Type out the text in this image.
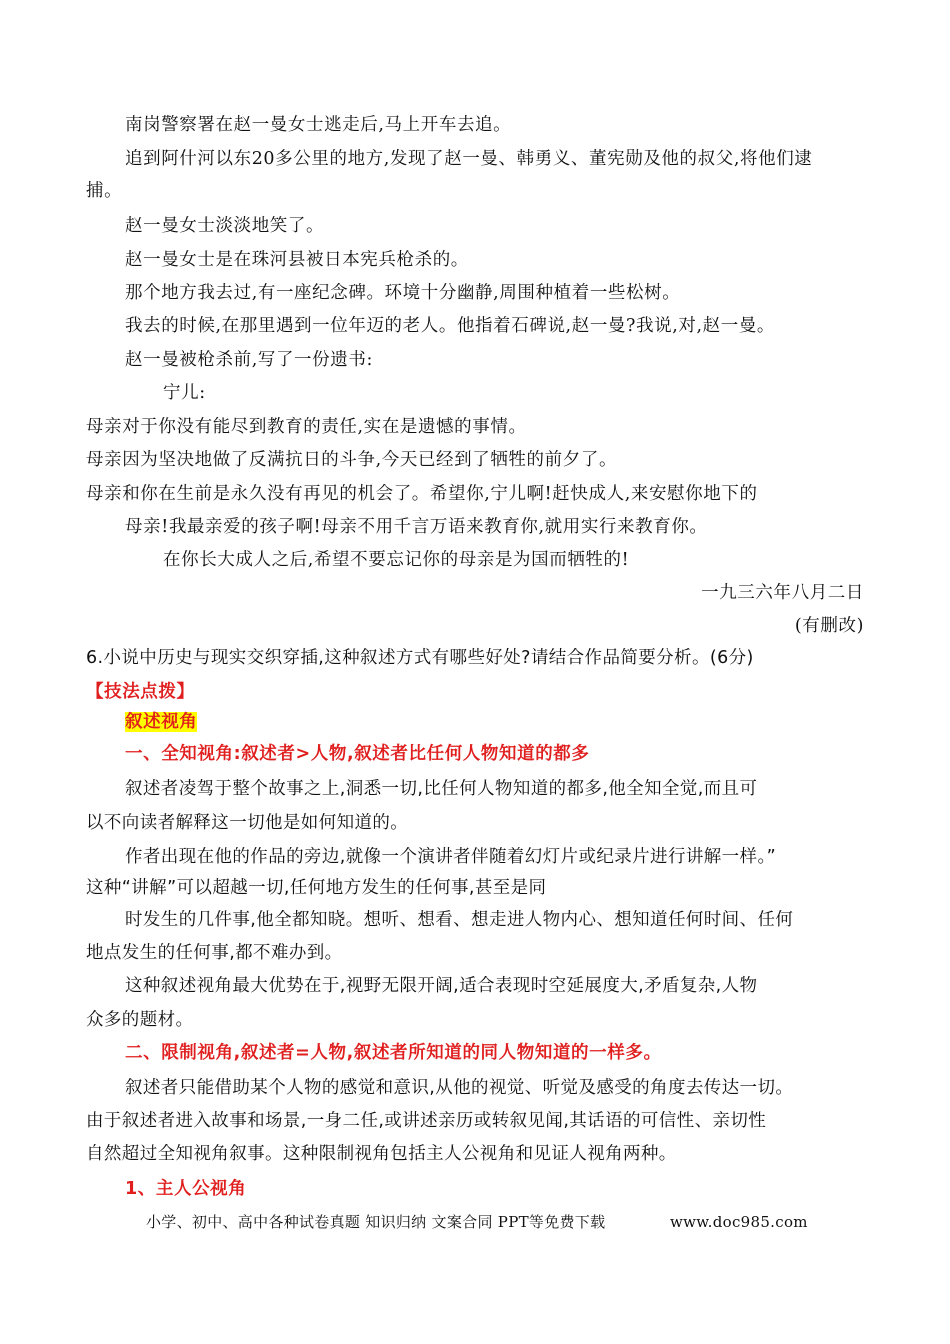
南岗警察署在赵一曼女士逃走后,马上开车去追。
追到阿什河以东20多公里的地方,发现了赵一曼、韩勇义、董宪勋及他的叔父,将他们逮
捕。
赵一曼女士淡淡地笑了。
赵一曼女士是在珠河县被日本宪兵枪杀的。
那个地方我去过,有一座纪念碑。环境十分幽静,周围种植着一些松树。
我去的时候,在那里遇到一位年迈的老人。他指着石碑说,赵一曼?我说,对,赵一曼。
赵一曼被枪杀前,写了一份遗书:
宁儿:
母亲对于你没有能尽到教育的责任,实在是遗憾的事情。
母亲因为坚决地做了反满抗日的斗争,今天已经到了牺牲的前夕了。
母亲和你在生前是永久没有再见的机会了。希望你,宁儿啊!赶快成人,来安慰你地下的
母亲!我最亲爱的孩子啊!母亲不用千言万语来教育你,就用实行来教育你。
在你长大成人之后,希望不要忘记你的母亲是为国而牺牲的!
一九三六年八月二日
(有删改)
6.小说中历史与现实交织穿插,这种叙述方式有哪些好处?请结合作品简要分析。(6分)
【技法点拨】
叙述视角
一、全知视角:叙述者>人物,叙述者比任何人物知道的都多
叙述者凌驾于整个故事之上,洞悉一切,比任何人物知道的都多,他全知全觉,而且可
以不向读者解释这一切他是如何知道的。
作者出现在他的作品的旁边,就像一个演讲者伴随着幻灯片或纪录片进行讲解一样。”
这种“讲解”可以超越一切,任何地方发生的任何事,甚至是同
时发生的几件事,他全都知晓。想听、想看、想走进人物内心、想知道任何时间、任何
地点发生的任何事,都不难办到。
这种叙述视角最大优势在于,视野无限开阔,适合表现时空延展度大,矛盾复杂,人物
众多的题材。
二、限制视角,叙述者=人物,叙述者所知道的同人物知道的一样多。
叙述者只能借助某个人物的感觉和意识,从他的视觉、听觉及感受的角度去传达一切。
由于叙述者进入故事和场景,一身二任,或讲述亲历或转叙见闻,其话语的可信性、亲切性
自然超过全知视角叙事。这种限制视角包括主人公视角和见证人视角两种。
1、主人公视角
小学、初中、高中各种试卷真题 知识归纳 文案合同 PPT等免费下载	www.doc985.com
